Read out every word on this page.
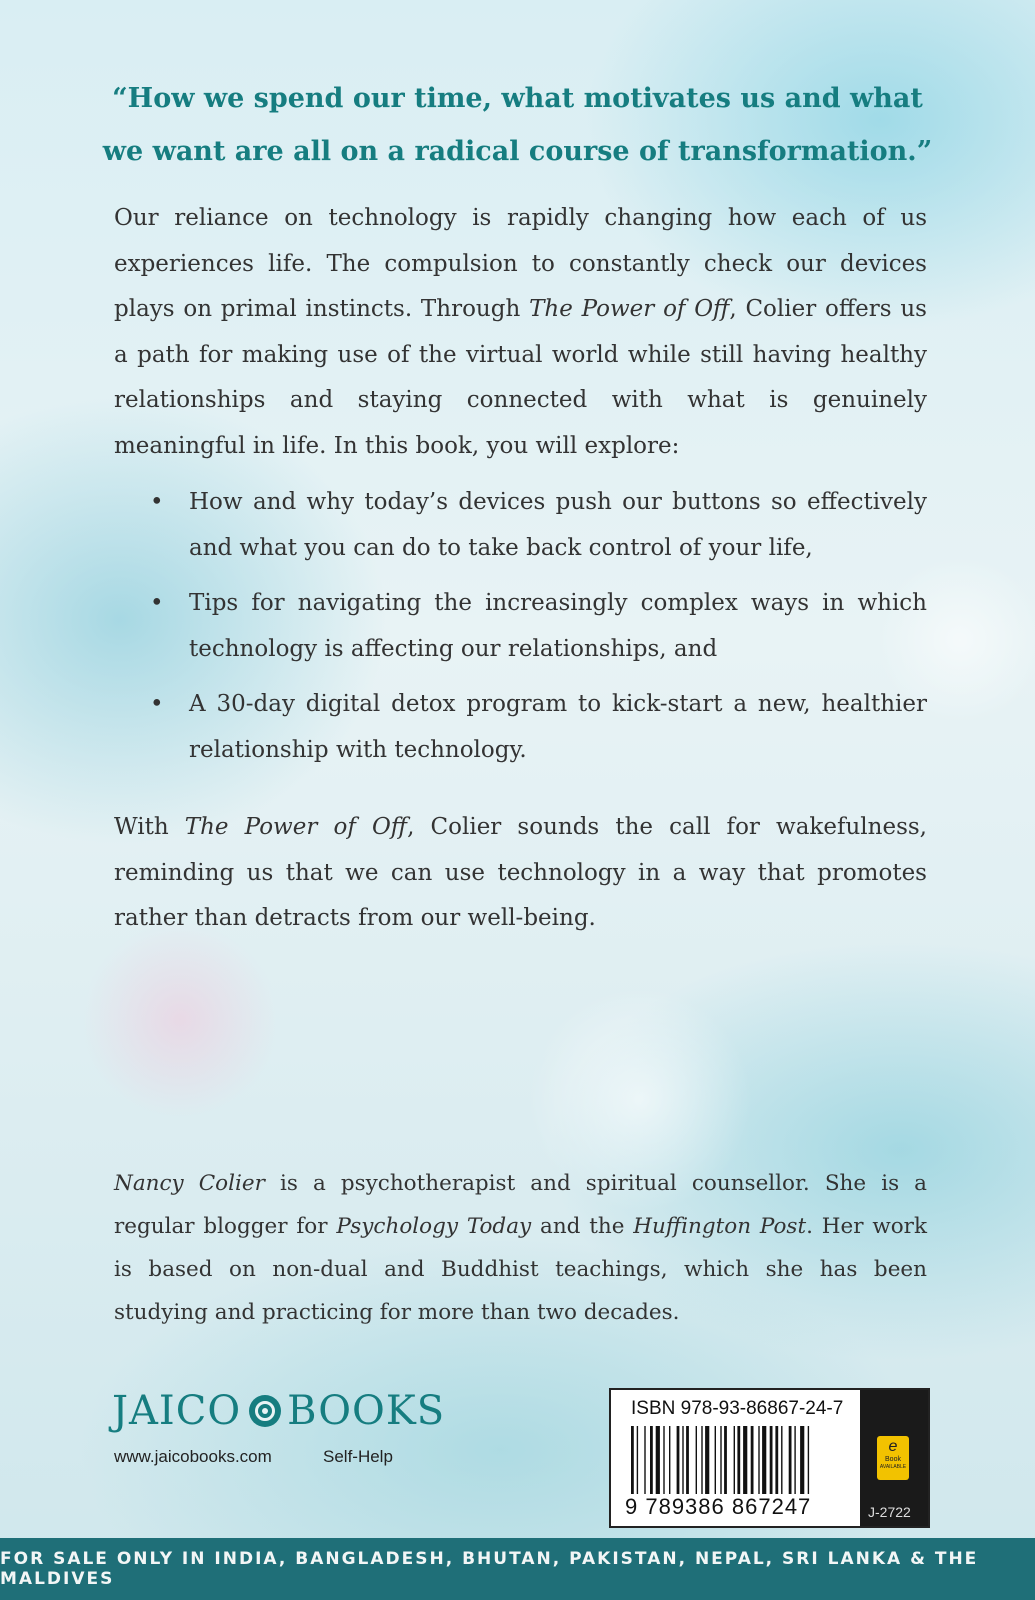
“How we spend our time, what motivates us and what
we want are all on a radical course of transformation.”

Our reliance on technology is rapidly changing how each of us experiences life. The compulsion to constantly check our devices plays on primal instincts. Through The Power of Off, Colier offers us a path for making use of the virtual world while still having healthy relationships and staying connected with what is genuinely meaningful in life. In this book, you will explore:

• How and why today’s devices push our buttons so effectively and what you can do to take back control of your life,
• Tips for navigating the increasingly complex ways in which technology is affecting our relationships, and
• A 30-day digital detox program to kick-start a new, healthier relationship with technology.

With The Power of Off, Colier sounds the call for wakefulness, reminding us that we can use technology in a way that promotes rather than detracts from our well-being.

Nancy Colier is a psychotherapist and spiritual counsellor. She is a regular blogger for Psychology Today and the Huffington Post. Her work is based on non-dual and Buddhist teachings, which she has been studying and practicing for more than two decades.

JAICO BOOKS
www.jaicobooks.com	Self-Help
ISBN 978-93-86867-24-7
9 789386 867247
e
Book
AVAILABLE
J-2722
FOR SALE ONLY IN INDIA, BANGLADESH, BHUTAN, PAKISTAN, NEPAL, SRI LANKA & THE MALDIVES
